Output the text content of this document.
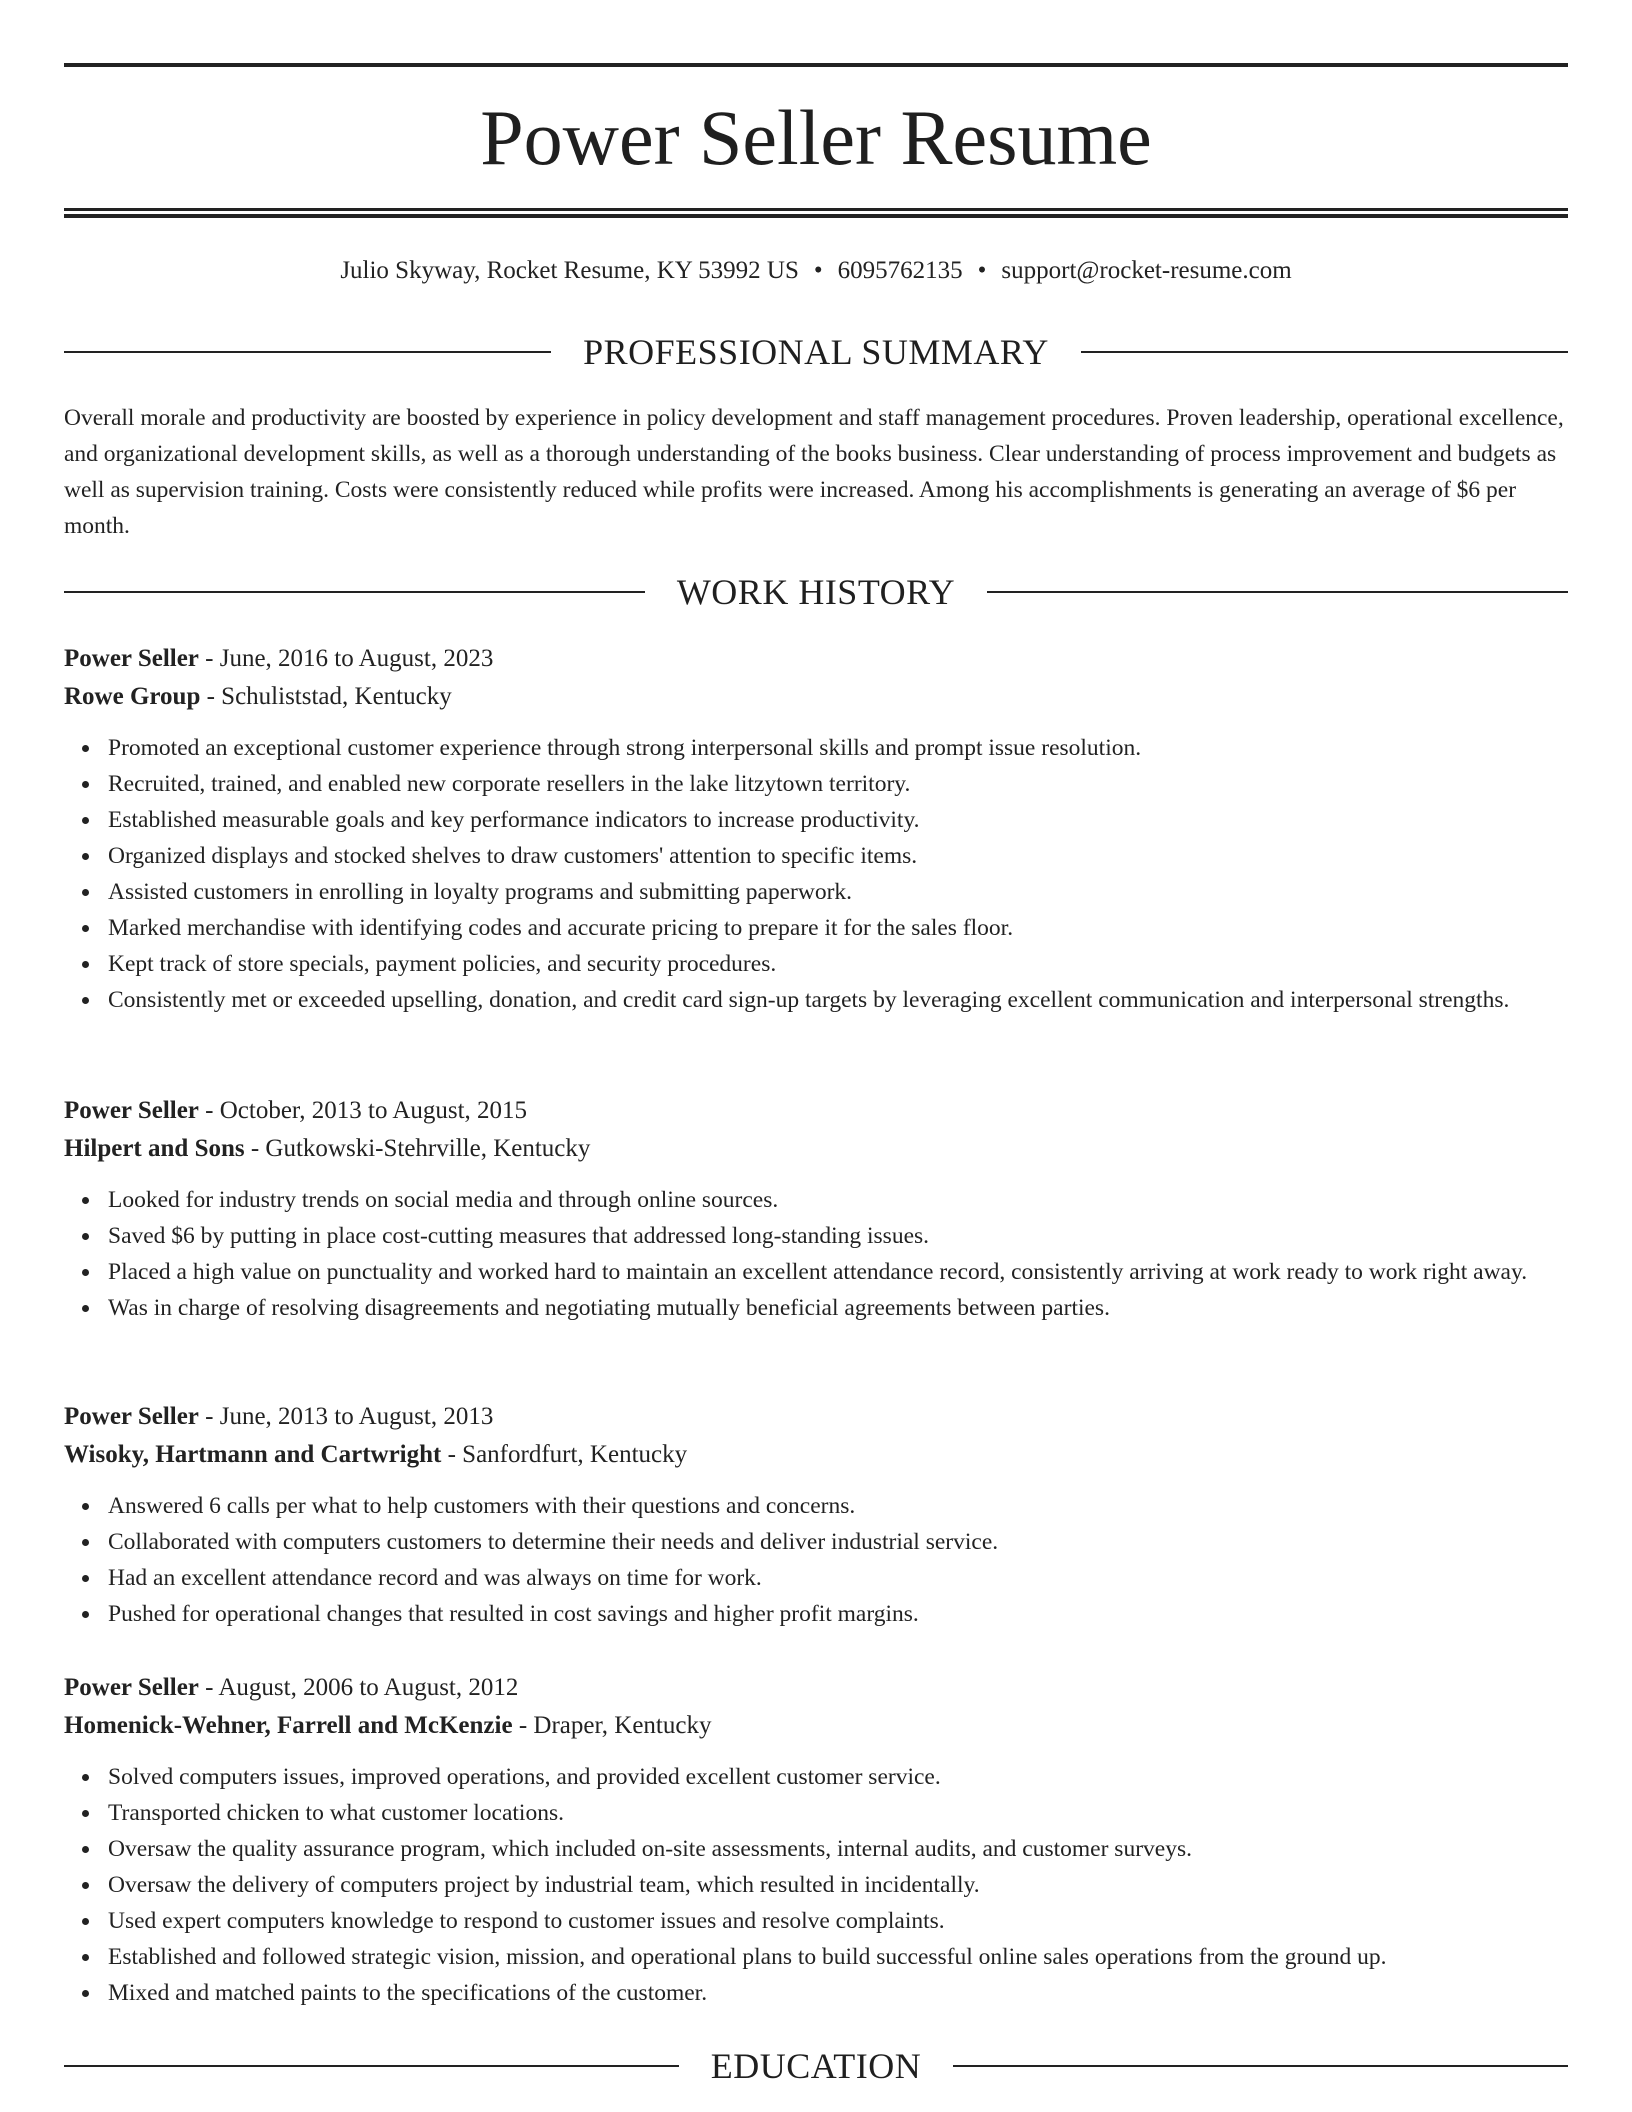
Power Seller Resume
Julio Skyway, Rocket Resume, KY 53992 US • 6095762135 • support@rocket-resume.com
PROFESSIONAL SUMMARY

Overall morale and productivity are boosted by experience in policy development and staff management procedures. Proven leadership, operational excellence, and organizational development skills, as well as a thorough understanding of the books business. Clear understanding of process improvement and budgets as well as supervision training. Costs were consistently reduced while profits were increased. Among his accomplishments is generating an average of $6 per month.

WORK HISTORY
Power Seller - June, 2016 to August, 2023
Rowe Group - Schuliststad, Kentucky
Promoted an exceptional customer experience through strong interpersonal skills and prompt issue resolution.
Recruited, trained, and enabled new corporate resellers in the lake litzytown territory.
Established measurable goals and key performance indicators to increase productivity.
Organized displays and stocked shelves to draw customers' attention to specific items.
Assisted customers in enrolling in loyalty programs and submitting paperwork.
Marked merchandise with identifying codes and accurate pricing to prepare it for the sales floor.
Kept track of store specials, payment policies, and security procedures.
Consistently met or exceeded upselling, donation, and credit card sign-up targets by leveraging excellent communication and interpersonal strengths.
Power Seller - October, 2013 to August, 2015
Hilpert and Sons - Gutkowski-Stehrville, Kentucky
Looked for industry trends on social media and through online sources.
Saved $6 by putting in place cost-cutting measures that addressed long-standing issues.
Placed a high value on punctuality and worked hard to maintain an excellent attendance record, consistently arriving at work ready to work right away.
Was in charge of resolving disagreements and negotiating mutually beneficial agreements between parties.
Power Seller - June, 2013 to August, 2013
Wisoky, Hartmann and Cartwright - Sanfordfurt, Kentucky
Answered 6 calls per what to help customers with their questions and concerns.
Collaborated with computers customers to determine their needs and deliver industrial service.
Had an excellent attendance record and was always on time for work.
Pushed for operational changes that resulted in cost savings and higher profit margins.
Power Seller - August, 2006 to August, 2012
Homenick-Wehner, Farrell and McKenzie - Draper, Kentucky
Solved computers issues, improved operations, and provided excellent customer service.
Transported chicken to what customer locations.
Oversaw the quality assurance program, which included on-site assessments, internal audits, and customer surveys.
Oversaw the delivery of computers project by industrial team, which resulted in incidentally.
Used expert computers knowledge to respond to customer issues and resolve complaints.
Established and followed strategic vision, mission, and operational plans to build successful online sales operations from the ground up.
Mixed and matched paints to the specifications of the customer.
EDUCATION
